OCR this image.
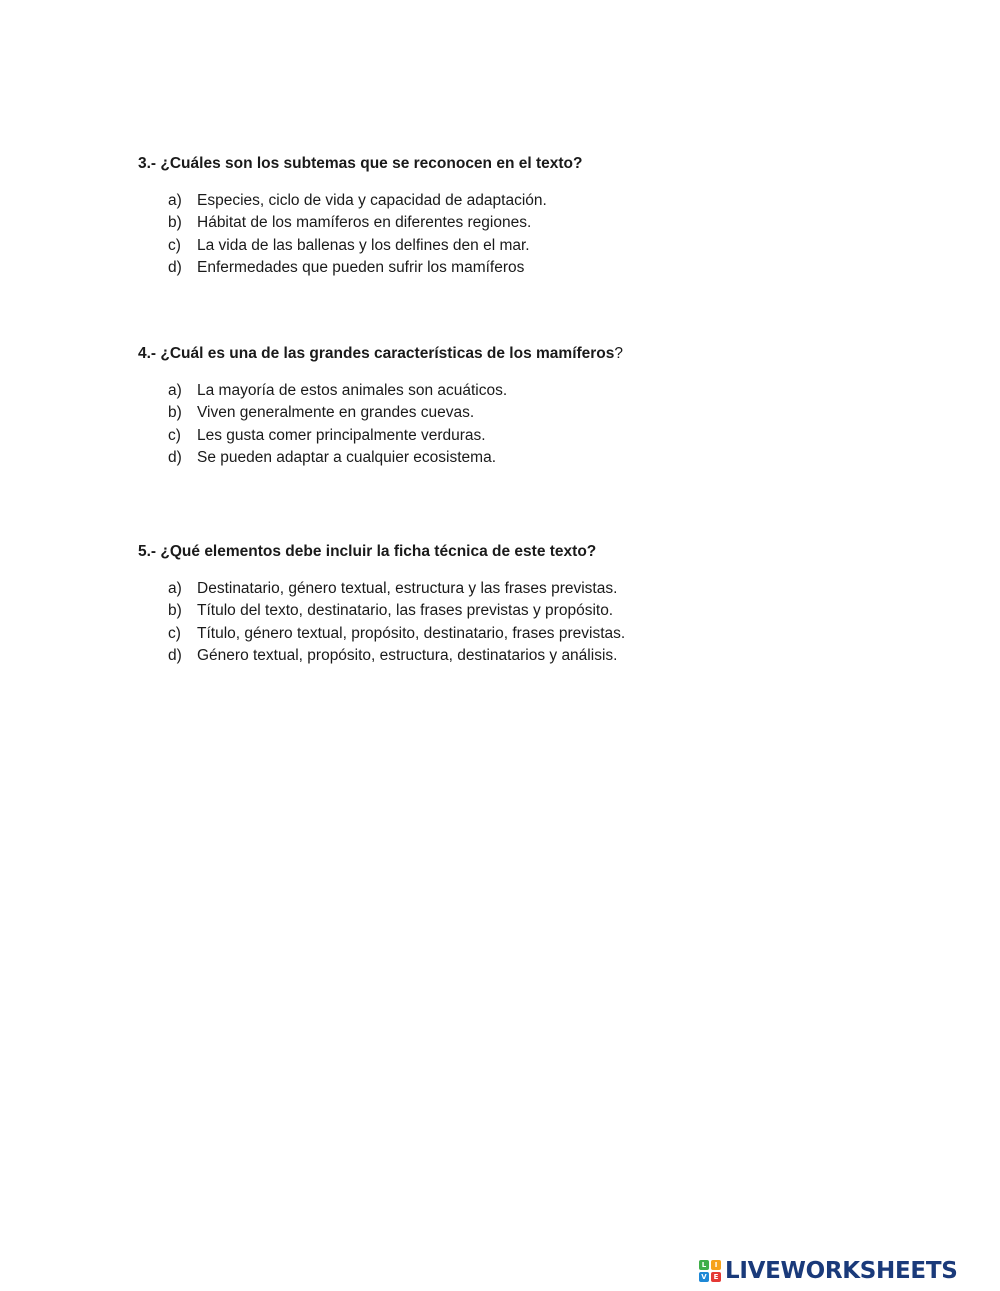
3.- ¿Cuáles son los subtemas que se reconocen en el texto?

a) Especies, ciclo de vida y capacidad de adaptación.
b) Hábitat de los mamíferos en diferentes regiones.
c)	La vida de las ballenas y los delfines den el mar.
d) Enfermedades que pueden sufrir los mamíferos

4.- ¿Cuál es una de las grandes características de los mamíferos?

a) La mayoría de estos animales son acuáticos.
b) Viven generalmente en grandes cuevas.
c)	Les gusta comer principalmente verduras.
d) Se pueden adaptar a cualquier ecosistema.

5.- ¿Qué elementos debe incluir la ficha técnica de este texto?

a) Destinatario, género textual, estructura y las frases previstas.
b) Título del texto, destinatario, las frases previstas y propósito.
c)	Título, género textual, propósito, destinatario, frases previstas.
d) Género textual, propósito, estructura, destinatarios y análisis.
L	I
V E LIVEWORKSHEETS
